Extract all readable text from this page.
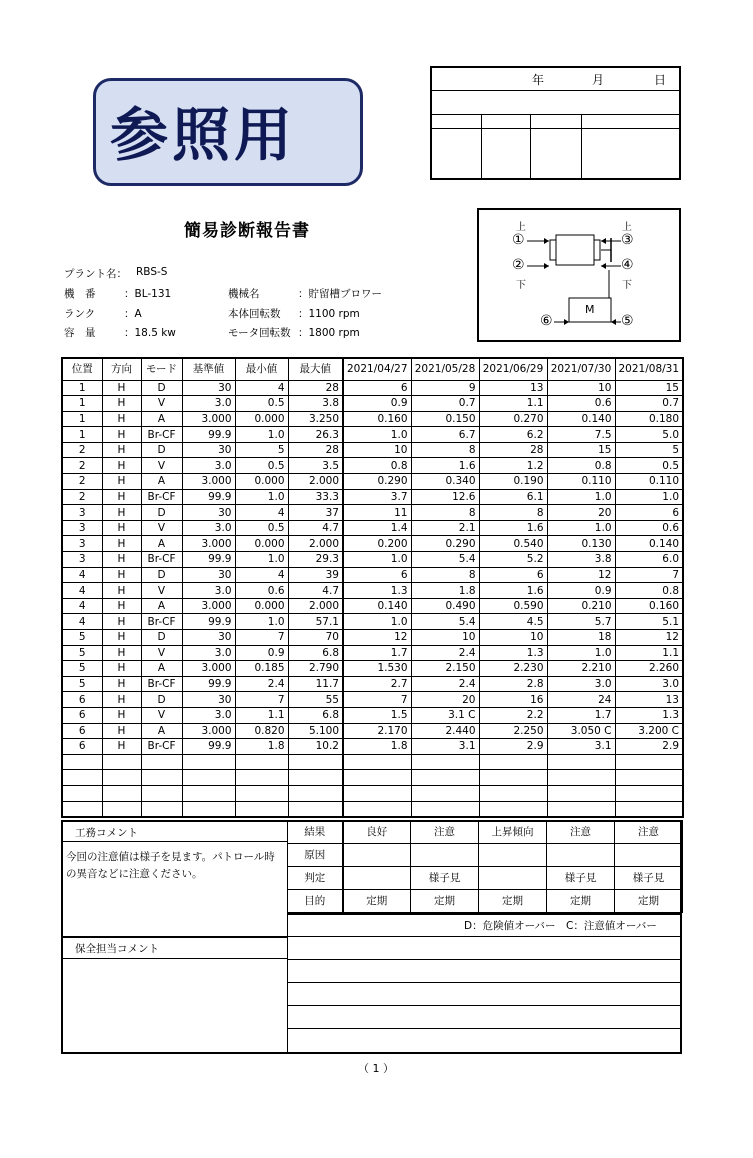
参照用
年	月	日
簡易診断報告書
プラント名： RBS-S
機　番	：BL-131
ランク	：A
容　量	：18.5 kw
機械名	：貯留槽ブロワー
本体回転数 ：1100 rpm
モータ回転数 ：1800 rpm
上	上
下	下
①
②
③
④
⑤
⑥
M
位置	方向	モード	基準値	最小値	最大値	2021/04/27	2021/05/28	2021/06/29	2021/07/30	2021/08/31
1	H	D	30	4	28	6	9	13	10	15
1	H	V	3.0	0.5	3.8	0.9	0.7	1.1	0.6	0.7
1	H	A	3.000	0.000	3.250	0.160	0.150	0.270	0.140	0.180
1	H	Br-CF	99.9	1.0	26.3	1.0	6.7	6.2	7.5	5.0
2	H	D	30	5	28	10	8	28	15	5
2	H	V	3.0	0.5	3.5	0.8	1.6	1.2	0.8	0.5
2	H	A	3.000	0.000	2.000	0.290	0.340	0.190	0.110	0.110
2	H	Br-CF	99.9	1.0	33.3	3.7	12.6	6.1	1.0	1.0
3	H	D	30	4	37	11	8	8	20	6
3	H	V	3.0	0.5	4.7	1.4	2.1	1.6	1.0	0.6
3	H	A	3.000	0.000	2.000	0.200	0.290	0.540	0.130	0.140
3	H	Br-CF	99.9	1.0	29.3	1.0	5.4	5.2	3.8	6.0
4	H	D	30	4	39	6	8	6	12	7
4	H	V	3.0	0.6	4.7	1.3	1.8	1.6	0.9	0.8
4	H	A	3.000	0.000	2.000	0.140	0.490	0.590	0.210	0.160
4	H	Br-CF	99.9	1.0	57.1	1.0	5.4	4.5	5.7	5.1
5	H	D	30	7	70	12	10	10	18	12
5	H	V	3.0	0.9	6.8	1.7	2.4	1.3	1.0	1.1
5	H	A	3.000	0.185	2.790	1.530	2.150	2.230	2.210	2.260
5	H	Br-CF	99.9	2.4	11.7	2.7	2.4	2.8	3.0	3.0
6	H	D	30	7	55	7	20	16	24	13
6	H	V	3.0	1.1	6.8	1.5	3.1 C	2.2	1.7	1.3
6	H	A	3.000	0.820	5.100	2.170	2.440	2.250	3.050 C	3.200 C
6	H	Br-CF	99.9	1.8	10.2	1.8	3.1	2.9	3.1	2.9

工務コメント
今回の注意値は様子を見ます。パトロール時
の異音などに注意ください。
保全担当コメント
結果	良好	注意	上昇傾向	注意	注意
原因					
判定		様子見		様子見	様子見
目的	定期	定期	定期	定期	定期
D：危険値オーバー　C：注意値オーバー
（ 1 ）
